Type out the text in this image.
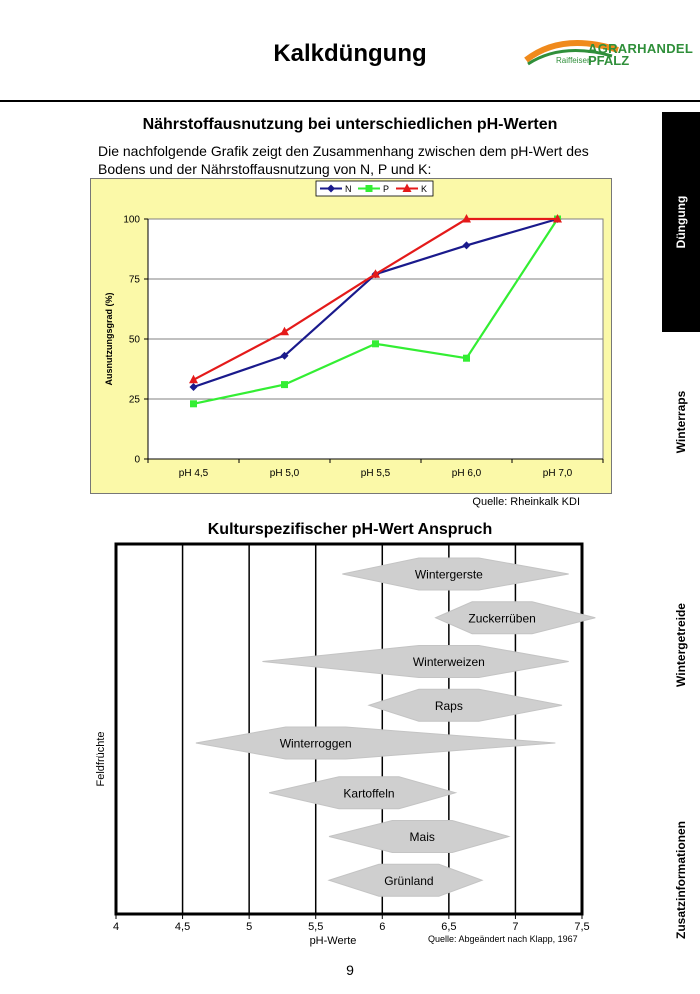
Kalkdüngung	AGRARHANDEL
Raiffeisen
PFALZ
Düngung
Winterraps
Wintergetreide
Zusatzinformationen
Nährstoffausnutzung bei unterschiedlichen pH-Werten
Die nachfolgende Grafik zeigt den Zusammenhang zwischen dem pH-Wert des Bodens und der Nährstoffausnutzung von N, P und K:
0
25
50
75
100
pH 4,5	pH 5,0	pH 5,5	pH 6,0	pH 7,0
Ausnutzungsgrad (%)
N	P	K
Quelle: Rheinkalk KDI
Kulturspezifischer pH-Wert Anspruch
4	4,5	5	5,5	6	6,5	7	7,5
pH-Werte
Feldfrüchte
Wintergerste
Zuckerrüben
Winterweizen
Raps
Winterroggen
Kartoffeln
Mais
Grünland
Quelle: Abgeändert nach Klapp, 1967
9
